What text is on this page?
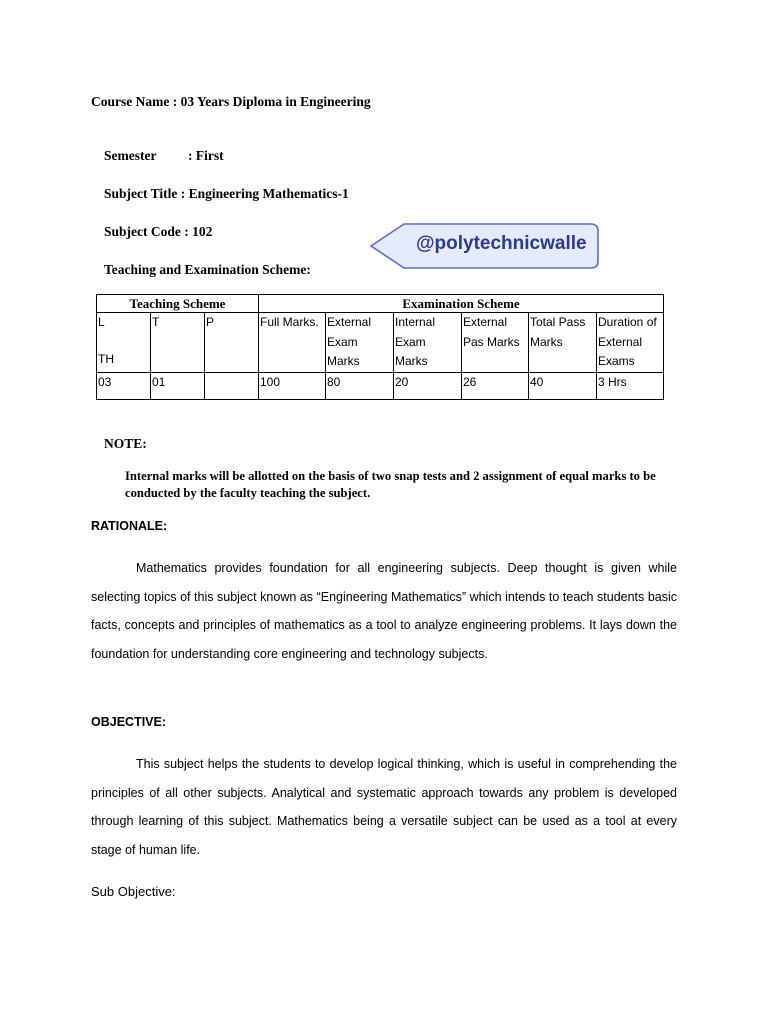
Course Name : 03 Years Diploma in Engineering
Semester : First
Subject Title : Engineering Mathematics-1
Subject Code : 102
Teaching and Examination Scheme:
@polytechnicwalle
Teaching Scheme			Examination Scheme					
L
TH	T	P	Full Marks.	External Exam Marks	Internal Exam Marks	External Pas Marks	Total Pass Marks	Duration of External Exams
03	01		100	80	20	26	40	3 Hrs
NOTE:
Internal marks will be allotted on the basis of two snap tests and 2 assignment of equal marks to be conducted by the faculty teaching the subject.
RATIONALE:
Mathematics provides foundation for all engineering subjects. Deep thought is given while selecting topics of this subject known as “Engineering Mathematics” which intends to teach students basic facts, concepts and principles of mathematics as a tool to analyze engineering problems. It lays down the foundation for understanding core engineering and technology subjects.
OBJECTIVE:
This subject helps the students to develop logical thinking, which is useful in comprehending the principles of all other subjects. Analytical and systematic approach towards any problem is developed through learning of this subject. Mathematics being a versatile subject can be used as a tool at every stage of human life.
Sub Objective:
